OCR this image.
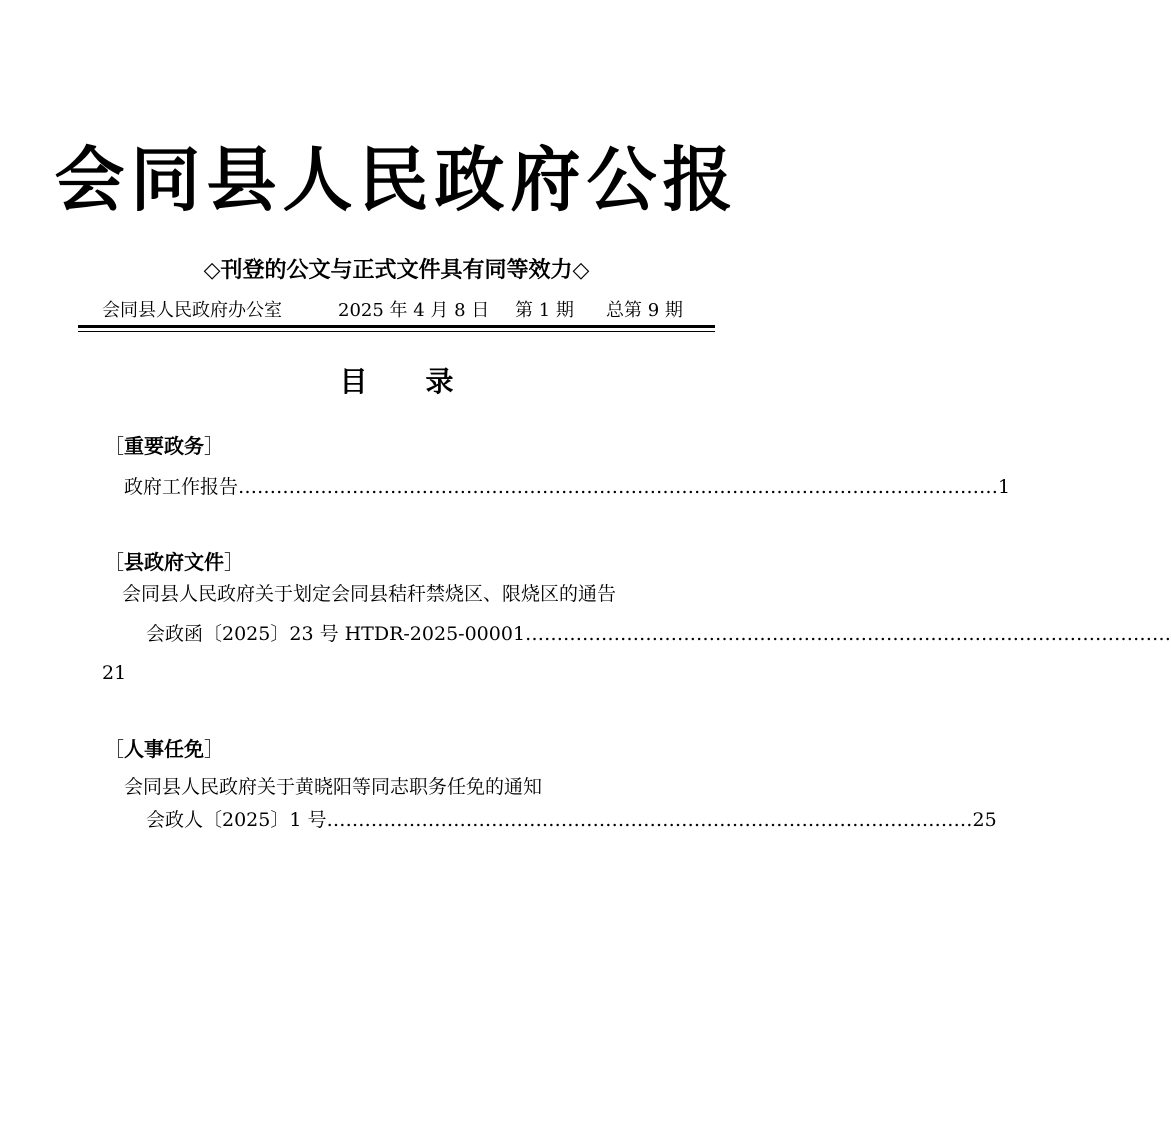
会同县人民政府公报
◇刊登的公文与正式文件具有同等效力◇
会同县人民政府办公室	2025 年 4 月 8 日 第 1 期 总第 9 期
目 录
［重要政务］
政府工作报告 ………………………………………………………………………………………………………… 1
［县政府文件］
会同县人民政府关于划定会同县秸秆禁烧区、限烧区的通告
会政函〔2025〕23 号 HTDR-2025-00001 …………………………………………………………………………………………
21
［人事任免］
会同县人民政府关于黄晓阳等同志职务任免的通知
会政人〔2025〕1 号 ………………………………………………………………………………………… 25
